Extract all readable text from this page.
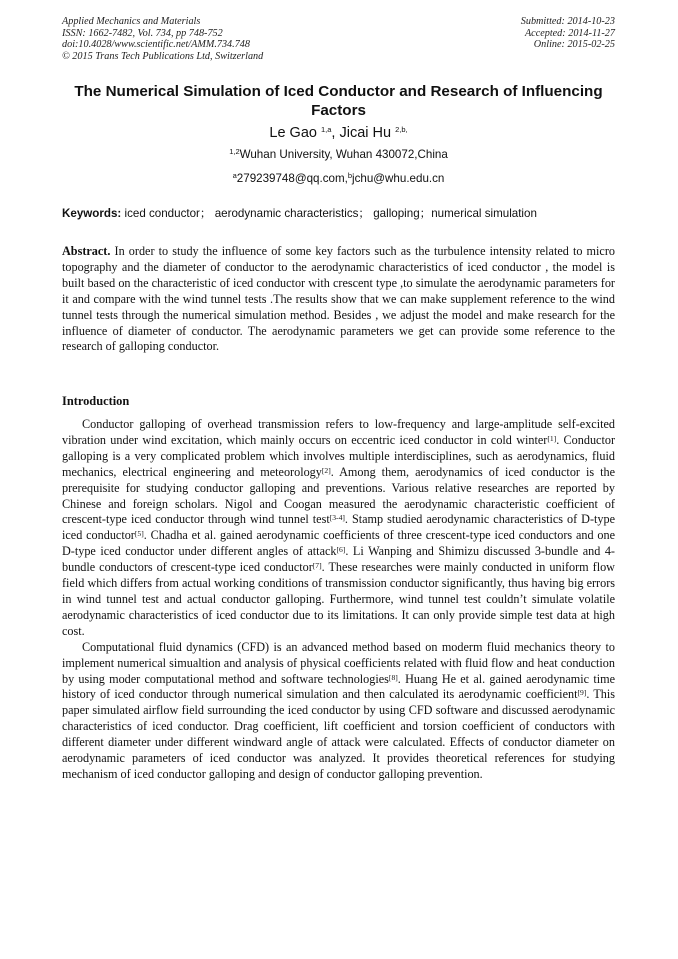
Applied Mechanics and Materials
ISSN: 1662-7482, Vol. 734, pp 748-752
doi:10.4028/www.scientific.net/AMM.734.748
© 2015 Trans Tech Publications Ltd, Switzerland
Submitted: 2014-10-23
Accepted: 2014-11-27
Online: 2015-02-25
The Numerical Simulation of Iced Conductor and Research of Influencing Factors
Le Gao $^{1,a}$, Jicai Hu $^{2,b,}$
$^{1,2}$Wuhan University, Wuhan 430072,China
$^a$279239748@qq.com,$^b$jchu@whu.edu.cn
Keywords: iced conductor； aerodynamic characteristics； galloping；numerical simulation
Abstract. In order to study the influence of some key factors such as the turbulence intensity related to micro topography and the diameter of conductor to the aerodynamic characteristics of iced conductor , the model is built based on the characteristic of iced conductor with crescent type ,to simulate the aerodynamic parameters for it and compare with the wind tunnel tests .The results show that we can make supplement reference to the wind tunnel tests through the numerical simulation method. Besides , we adjust the model and make research for the influence of diameter of conductor. The aerodynamic parameters we get can provide some reference to the research of galloping conductor.
Introduction

Conductor galloping of overhead transmission refers to low-frequency and large-amplitude self-excited vibration under wind excitation, which mainly occurs on eccentric iced conductor in cold winter[1]. Conductor galloping is a very complicated problem which involves multiple interdisciplines, such as aerodynamics, fluid mechanics, electrical engineering and meteorology[2]. Among them, aerodynamics of iced conductor is the prerequisite for studying conductor galloping and preventions. Various relative researches are reported by Chinese and foreign scholars. Nigol and Coogan measured the aerodynamic characteristic coefficient of crescent-type iced conductor through wind tunnel test[3-4]. Stamp studied aerodynamic characteristics of D-type iced conductor[5]. Chadha et al. gained aerodynamic coefficients of three crescent-type iced conductors and one D-type iced conductor under different angles of attack[6]. Li Wanping and Shimizu discussed 3-bundle and 4-bundle conductors of crescent-type iced conductor[7]. These researches were mainly conducted in uniform flow field which differs from actual working conditions of transmission conductor significantly, thus having big errors in wind tunnel test and actual conductor galloping. Furthermore, wind tunnel test couldn’t simulate volatile aerodynamic characteristics of iced conductor due to its limitations. It can only provide simple test data at high cost.

Computational fluid dynamics (CFD) is an advanced method based on moderm fluid mechanics theory to implement numerical simualtion and analysis of physical coefficients related with fluid flow and heat conduction by using moder computational method and software technologies[8]. Huang He et al. gained aerodynamic time history of iced conductor through numerical simulation and then calculated its aerodynamic coefficient[9]. This paper simulated airflow field surrounding the iced conductor by using CFD software and discussed aerodynamic characteristics of iced conductor. Drag coefficient, lift coefficient and torsion coefficient of conductors with different diameter under different windward angle of attack were calculated. Effects of conductor diameter on aerodynamic parameters of iced conductor was analyzed. It provides theoretical references for studying mechanism of iced conductor galloping and design of conductor galloping prevention.
